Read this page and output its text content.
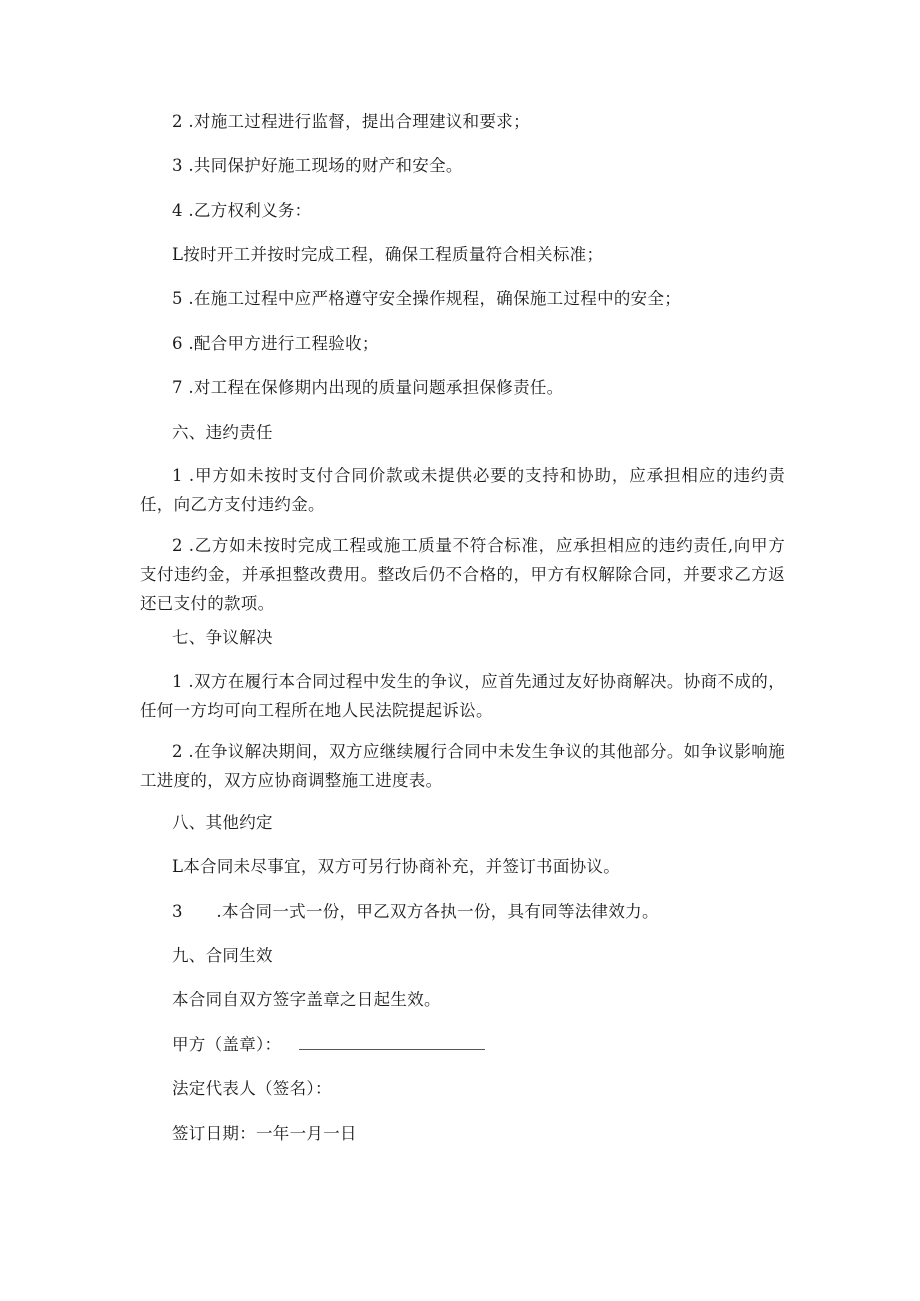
2 .对施工过程进行监督，提出合理建议和要求；
3 .共同保护好施工现场的财产和安全。
4 .乙方权利义务：
L按时开工并按时完成工程，确保工程质量符合相关标准；
5 .在施工过程中应严格遵守安全操作规程，确保施工过程中的安全；
6 .配合甲方进行工程验收；
7 .对工程在保修期内出现的质量问题承担保修责任。
六、违约责任
1 .甲方如未按时支付合同价款或未提供必要的支持和协助，应承担相应的违约责任，向乙方支付违约金。
2 .乙方如未按时完成工程或施工质量不符合标准，应承担相应的违约责任,向甲方支付违约金，并承担整改费用。整改后仍不合格的，甲方有权解除合同，并要求乙方返还已支付的款项。
七、争议解决
1 .双方在履行本合同过程中发生的争议，应首先通过友好协商解决。协商不成的，任何一方均可向工程所在地人民法院提起诉讼。
2 .在争议解决期间，双方应继续履行合同中未发生争议的其他部分。如争议影响施工进度的，双方应协商调整施工进度表。
八、其他约定
L本合同未尽事宜，双方可另行协商补充，并签订书面协议。
3　　.本合同一式一份，甲乙双方各执一份，具有同等法律效力。
九、合同生效
本合同自双方签字盖章之日起生效。
甲方（盖章）：
法定代表人（签名）：
签订日期：一年一月一日
